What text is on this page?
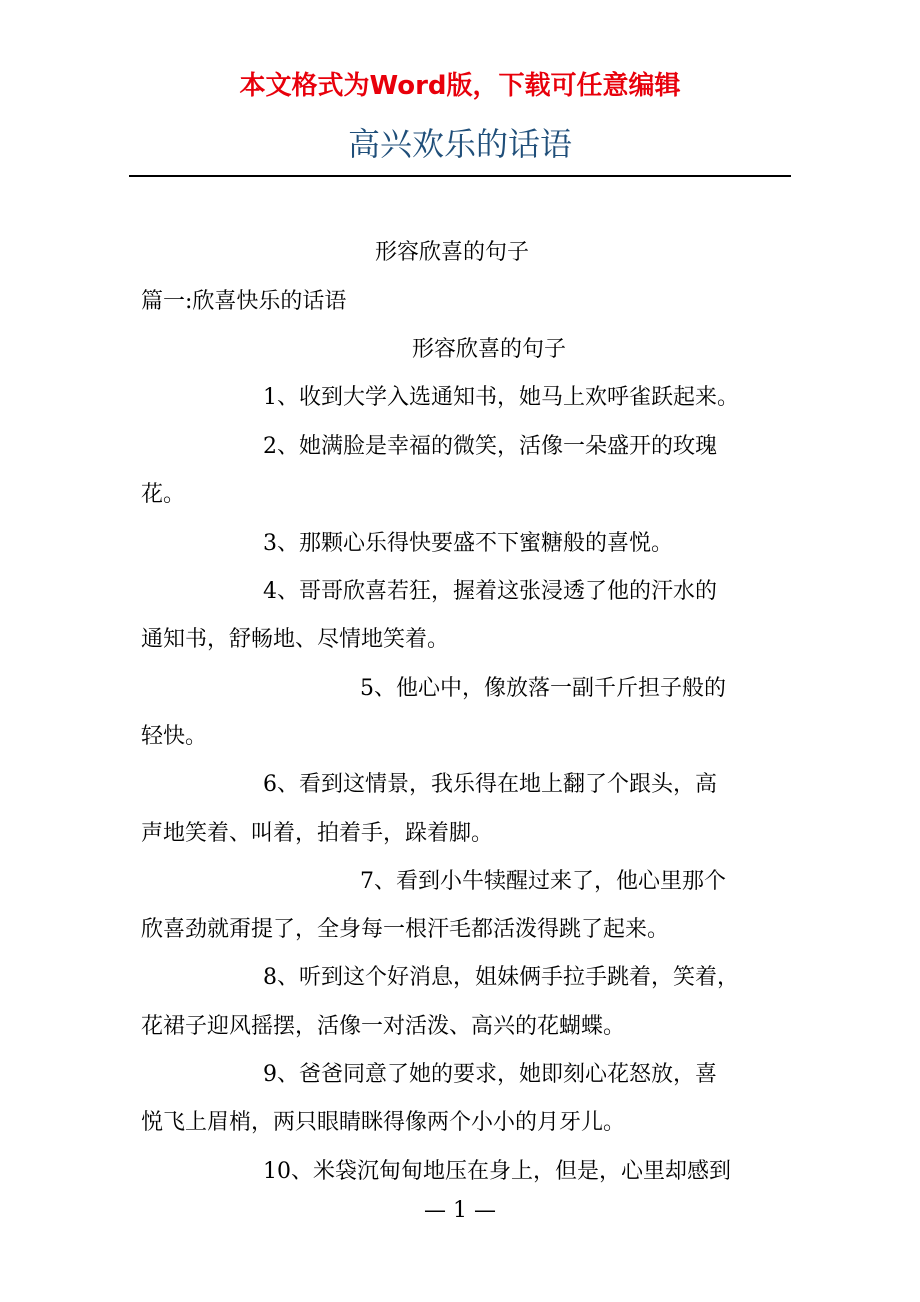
本文格式为Word版，下载可任意编辑
高兴欢乐的话语

形容欣喜的句子

篇一:欣喜快乐的话语

形容欣喜的句子

1、收到大学入选通知书，她马上欢呼雀跃起来。

2、她满脸是幸福的微笑，活像一朵盛开的玫瑰

花。

3、那颗心乐得快要盛不下蜜糖般的喜悦。

4、哥哥欣喜若狂，握着这张浸透了他的汗水的

通知书，舒畅地、尽情地笑着。

5、他心中，像放落一副千斤担子般的

轻快。

6、看到这情景，我乐得在地上翻了个跟头，高

声地笑着、叫着，拍着手，跺着脚。

7、看到小牛犊醒过来了，他心里那个

欣喜劲就甭提了，全身每一根汗毛都活泼得跳了起来。

8、听到这个好消息，姐妹俩手拉手跳着，笑着，

花裙子迎风摇摆，活像一对活泼、高兴的花蝴蝶。

9、爸爸同意了她的要求，她即刻心花怒放，喜

悦飞上眉梢，两只眼睛眯得像两个小小的月牙儿。

10、米袋沉甸甸地压在身上，但是，心里却感到

— 1 —
